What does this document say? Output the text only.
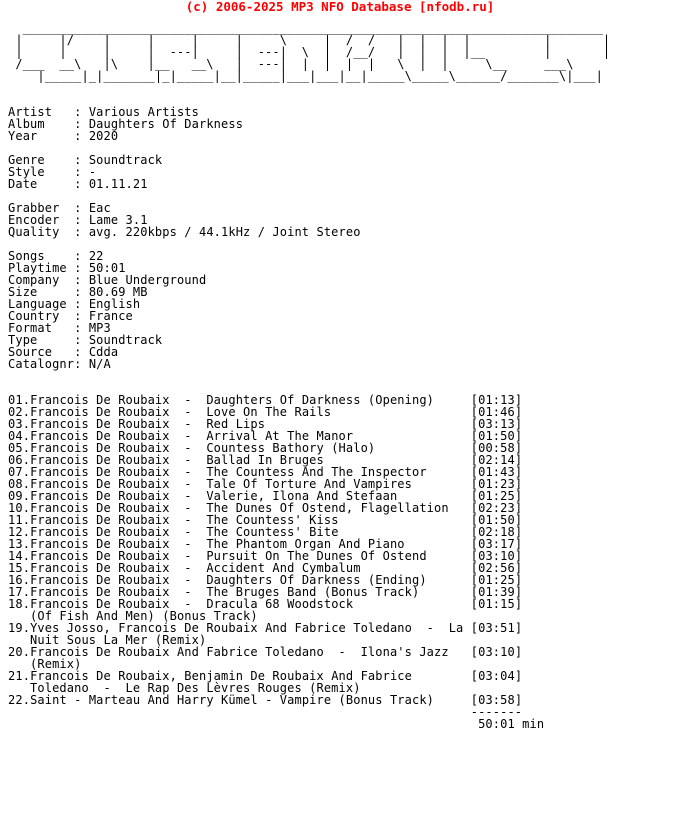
(c) 2006-2025 MP3 NFO Database [nfodb.ru]
_______________________________________________________________________________
|     |/    |     |     |     |     \     |  /  /   |  |  |  |          |       |
|     |     |     |  ---|     |  ---|  \  |  /__/   |  |  |  |__        |       |
/___  __\   |\    |__   __\   |  ---|  |  |  |  |   \  |  |     \__     ___\
|_____|_|_______|_|_____|__|_____|___|___|__|_____\_____\______/_______\|___|
Artist   : Various Artists
Album    : Daughters Of Darkness
Year     : 2020
Genre    : Soundtrack
Style    : -
Date     : 01.11.21
Grabber  : Eac
Encoder  : Lame 3.1
Quality  : avg. 220kbps / 44.1kHz / Joint Stereo
Songs    : 22
Playtime : 50:01
Company  : Blue Underground
Size     : 80.69 MB
Language : English
Country  : France
Format   : MP3
Type     : Soundtrack
Source   : Cdda
Catalognr: N/A
01.Francois De Roubaix  -  Daughters Of Darkness (Opening)	[01:13]
02.Francois De Roubaix  -  Love On The Rails	[01:46]
03.Francois De Roubaix  -  Red Lips	[03:13]
04.Francois De Roubaix  -  Arrival At The Manor	[01:50]
05.Francois De Roubaix  -  Countess Bathory (Halo)	[00:58]
06.Francois De Roubaix  -  Ballad In Bruges	[02:14]
07.Francois De Roubaix  -  The Countess And The Inspector	[01:43]
08.Francois De Roubaix  -  Tale Of Torture And Vampires	[01:23]
09.Francois De Roubaix  -  Valerie, Ilona And Stefaan	[01:25]
10.Francois De Roubaix  -  The Dunes Of Ostend, Flagellation [02:23]
11.Francois De Roubaix  -  The Countess' Kiss	[01:50]
12.Francois De Roubaix  -  The Countess' Bite	[02:18]
13.Francois De Roubaix  -  The Phantom Organ And Piano	[03:17]
14.Francois De Roubaix  -  Pursuit On The Dunes Of Ostend	[03:10]
15.Francois De Roubaix  -  Accident And Cymbalum	[02:56]
16.Francois De Roubaix  -  Daughters Of Darkness (Ending)	[01:25]
17.Francois De Roubaix  -  The Bruges Band (Bonus Track)	[01:39]
18.Francois De Roubaix  -  Dracula 68 Woodstock	[01:15]
(Of Fish And Men) (Bonus Track)
19.Yves Josso, Francois De Roubaix And Fabrice Toledano  -  La [03:51]
Nuit Sous La Mer (Remix)
20.Francois De Roubaix And Fabrice Toledano  -  Ilona's Jazz [03:10]
(Remix)
21.Francois De Roubaix, Benjamin De Roubaix And Fabrice	[03:04]
Toledano  -  Le Rap Des Lèvres Rouges (Remix)
22.Saint - Marteau And Harry Kümel - Vampire (Bonus Track)	[03:58]
-------
50:01 min
